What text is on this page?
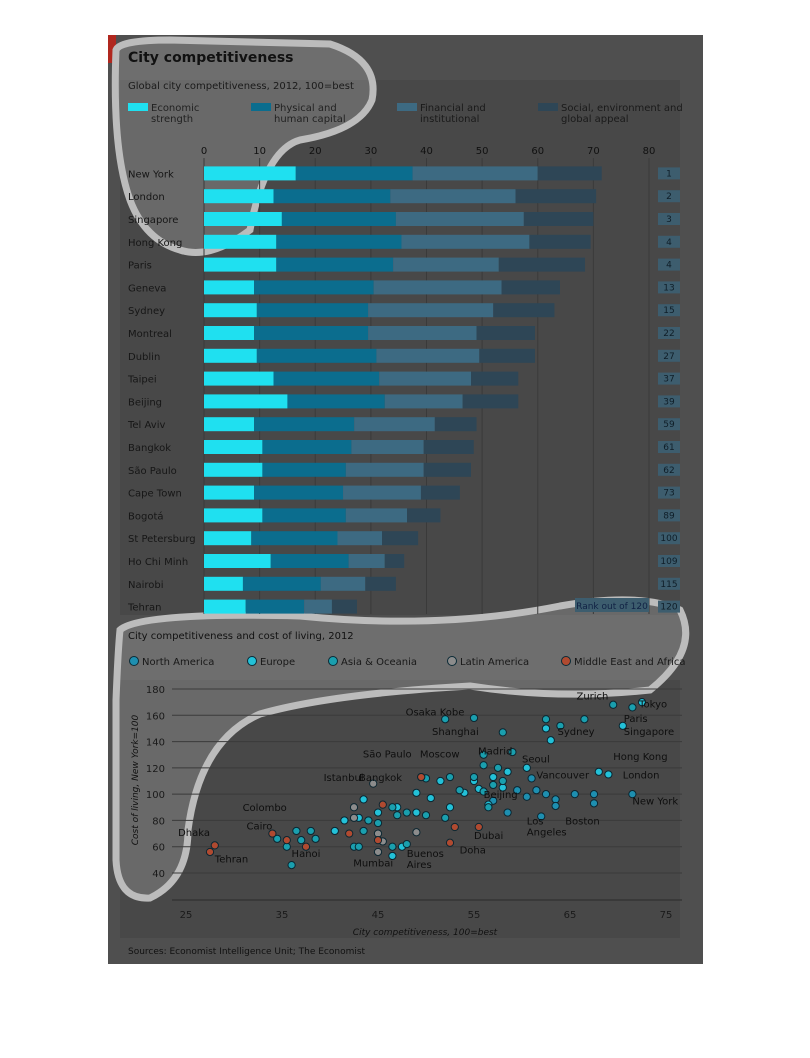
City competitiveness
Global city competitiveness, 2012, 100=best
Economic strength
Physical and human capital
Financial and institutional
Social, environment and global appeal
0	10	20	30	40	50	60	70	80
New York	1
London	2
Singapore	3
Hong Kong	4
Paris	4
Geneva	13
Sydney	15
Montreal	22
Dublin	27
Taipei	37
Beijing	39
Tel Aviv	59
Bangkok	61
São Paulo	62
Cape Town	73
Bogotá	89
St Petersburg	100
Ho Chi Minh	109
Nairobi	115
Tehran	120
Rank out of 120
City competitiveness and cost of living, 2012
North America	Europe	Asia & Oceania	Latin America	Middle East and Africa
40
60
80
100
120
140
160
180
25	35	45	55	65	75
Zurich
Tokyo
Osaka Kobe
Paris
Singapore
Sydney
Shanghai
Hong Kong
London
Madrid
São Paulo Moscow	Seoul
Vancouver
Istanbul
Bangkok
Beijing
New York
Colombo
Los Angeles
Boston
Cairo
Dubai
Dhaka
Hanoi	Buenos Aires
Doha
Tehran	Mumbai
City competitiveness, 100=best
Cost of living, New York=100
Sources: Economist Intelligence Unit; The Economist
